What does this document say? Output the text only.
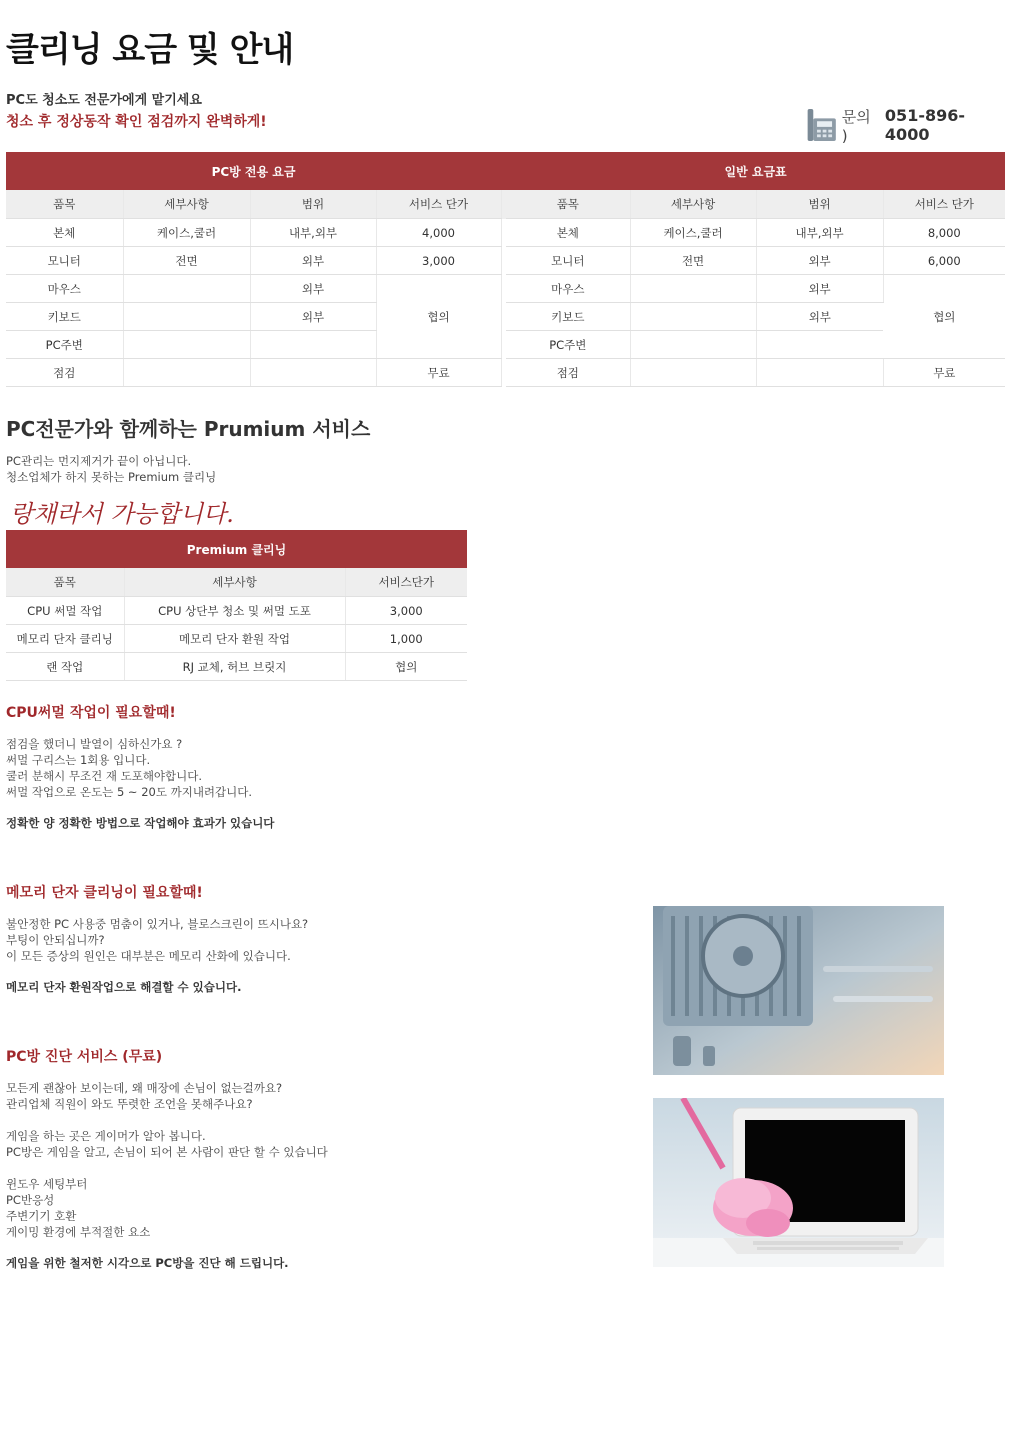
클리닝 요금 및 안내
PC도 청소도 전문가에게 맡기세요
청소 후 정상동작 확인 점검까지 완벽하게!	문의 )
051-896-4000
PC방 전용 요금					일반 요금표			
품목	세부사항	범위	서비스 단가		품목	세부사항	범위	서비스 단가
본체	케이스,쿨러	내부,외부	4,000		본체	케이스,쿨러	내부,외부	8,000
모니터	전면	외부	3,000		모니터	전면	외부	6,000
마우스		외부	협의		마우스		외부	협의
키보드		외부			키보드		외부	
PC주변					PC주변			
점검			무료		점검			무료
PC전문가와 함께하는 Prumium 서비스
PC관리는 먼지제거가 끝이 아닙니다.
청소업체가 하지 못하는 Premium 클리닝
랑채라서 가능합니다.
Premium 클리닝		
품목	세부사항	서비스단가
CPU 써멀 작업	CPU 상단부 청소 및 써멀 도포	3,000
메모리 단자 클리닝	메모리 단자 환원 작업	1,000
랜 작업	RJ 교체, 허브 브릿지	협의
CPU써멀 작업이 필요할때!
점검을 했더니 발열이 심하신가요 ?
써멀 구리스는 1회용 입니다.
쿨러 분해시 무조건 재 도포해야합니다.
써멀 작업으로 온도는 5 ~ 20도 까지내려갑니다.
정확한 양 정확한 방법으로 작업해야 효과가 있습니다
메모리 단자 클리닝이 필요할때!
불안정한 PC 사용중 멈춤이 있거나, 블로스크린이 뜨시나요?
부팅이 안되십니까?
이 모든 증상의 원인은 대부분은 메모리 산화에 있습니다.
메모리 단자 환원작업으로 해결할 수 있습니다.
PC방 진단 서비스 (무료)
모든게 괜찮아 보이는데, 왜 매장에 손님이 없는걸까요?
관리업체 직원이 와도 뚜렷한 조언을 못해주나요?
게임을 하는 곳은 게이머가 알아 봅니다.
PC방은 게임을 알고, 손님이 되어 본 사람이 판단 할 수 있습니다
윈도우 세팅부터
PC반응성
주변기기 호환
게이밍 환경에 부적절한 요소
게임을 위한 철저한 시각으로 PC방을 진단 해 드립니다.
